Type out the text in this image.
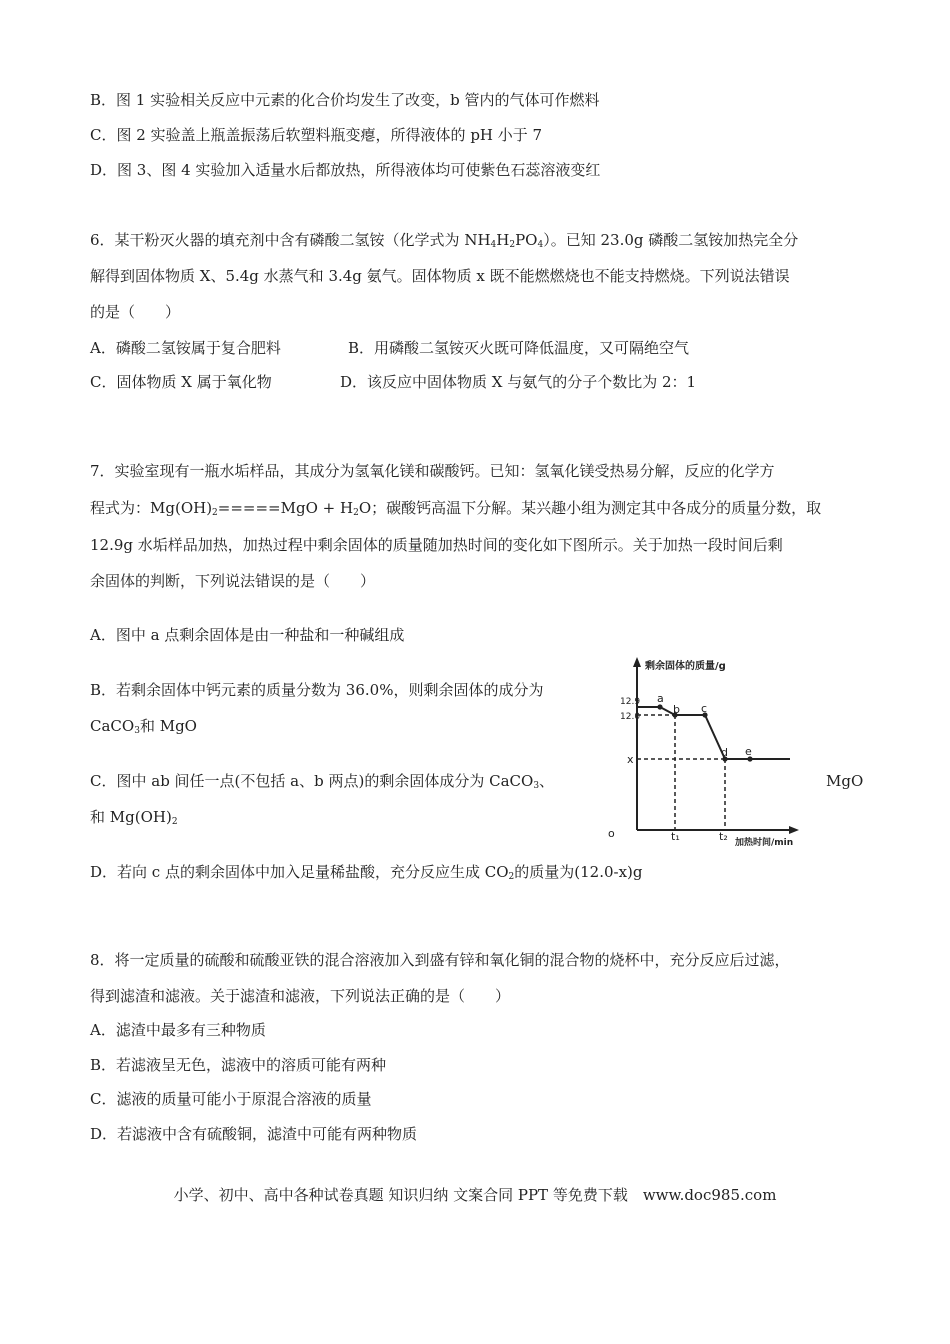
B．图 1 实验相关反应中元素的化合价均发生了改变，b 管内的气体可作燃料
C．图 2 实验盖上瓶盖振荡后软塑料瓶变瘪，所得液体的 pH 小于 7
D．图 3、图 4 实验加入适量水后都放热，所得液体均可使紫色石蕊溶液变红
6．某干粉灭火器的填充剂中含有磷酸二氢铵（化学式为 $NH_4H_2PO_4$）。已知 23.0g 磷酸二氢铵加热完全分
解得到固体物质 X、5.4g 水蒸气和 3.4g 氨气。固体物质 x 既不能燃燃烧也不能支持燃烧。下列说法错误
的是（　　）
A．磷酸二氢铵属于复合肥料	B．用磷酸二氢铵灭火既可降低温度，又可隔绝空气
C．固体物质 X 属于氧化物	D．该反应中固体物质 X 与氨气的分子个数比为 2：1
7．实验室现有一瓶水垢样品，其成分为氢氧化镁和碳酸钙。已知：氢氧化镁受热易分解，反应的化学方
程式为：$Mg(OH)_2=====MgO + H_2O$；碳酸钙高温下分解。某兴趣小组为测定其中各成分的质量分数，取
12.9g 水垢样品加热，加热过程中剩余固体的质量随加热时间的变化如下图所示。关于加热一段时间后剩
余固体的判断，下列说法错误的是（　　）
A．图中 a 点剩余固体是由一种盐和一种碱组成
B．若剩余固体中钙元素的质量分数为 36.0%，则剩余固体的成分为
CaCO$_3$和 MgO
C．图中 ab 间任一点(不包括 a、b 两点)的剩余固体成分为 CaCO$_3$、	MgO
和 $Mg(OH)_2$
D．若向 c 点的剩余固体中加入足量稀盐酸，充分反应生成 $CO_2$的质量为(12.0-x)g
剩余固体的质量/g
加热时间/min
12.9
12.0
x
o	t₁	t₂
a
b c
d e
8．将一定质量的硫酸和硫酸亚铁的混合溶液加入到盛有锌和氧化铜的混合物的烧杯中，充分反应后过滤，
得到滤渣和滤液。关于滤渣和滤液，下列说法正确的是（　　）
A．滤渣中最多有三种物质
B．若滤液呈无色，滤液中的溶质可能有两种
C．滤液的质量可能小于原混合溶液的质量
D．若滤液中含有硫酸铜，滤渣中可能有两种物质
小学、初中、高中各种试卷真题 知识归纳 文案合同 PPT 等免费下载　www.doc985.com
